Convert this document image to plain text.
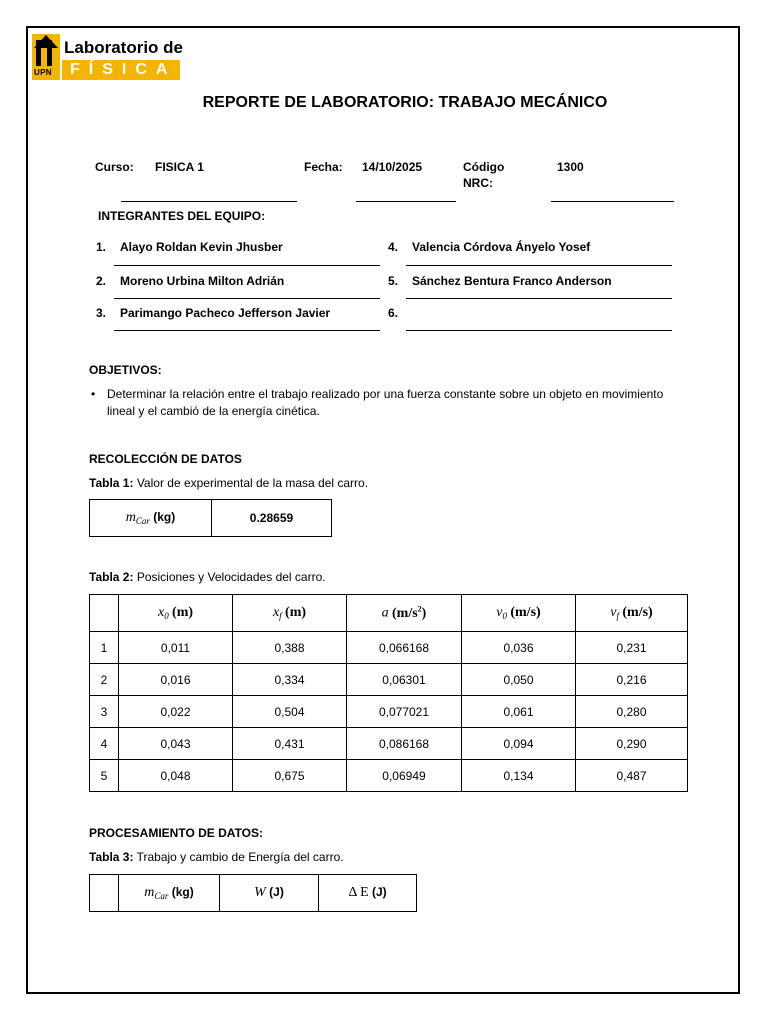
UPN
Laboratorio de
FÍSICA
REPORTE DE LABORATORIO: TRABAJO MECÁNICO
Curso: FISICA 1	Fecha: 14/10/2025	Código
NRC:
1300
INTEGRANTES DEL EQUIPO:
1. Alayo Roldan Kevin Jhusber
2. Moreno Urbina Milton Adrián
3. Parimango Pacheco Jefferson Javier
4. Valencia Córdova Ányelo Yosef
5. Sánchez Bentura Franco Anderson
6.
OBJETIVOS:
• Determinar la relación entre el trabajo realizado por una fuerza constante sobre un objeto en movimiento
lineal y el cambió de la energía cinética.
RECOLECCIÓN DE DATOS
Tabla 1: Valor de experimental de la masa del carro.
$m_{Car}$ (kg)	0.28659
Tabla 2: Posiciones y Velocidades del carro.
	$x_0$ (m)	$x_f$ (m)	a $(m/s^2)$	$v_0$ (m/s)	$v_f$ (m/s)
1	0,011	0,388	0,066168	0,036	0,231
2	0,016	0,334	0,06301	0,050	0,216
3	0,022	0,504	0,077021	0,061	0,280
4	0,043	0,431	0,086168	0,094	0,290
5	0,048	0,675	0,06949	0,134	0,487
PROCESAMIENTO DE DATOS:
Tabla 3: Trabajo y cambio de Energía del carro.
	$m_{Car}$ (kg)	W (J)	Δ E (J)
